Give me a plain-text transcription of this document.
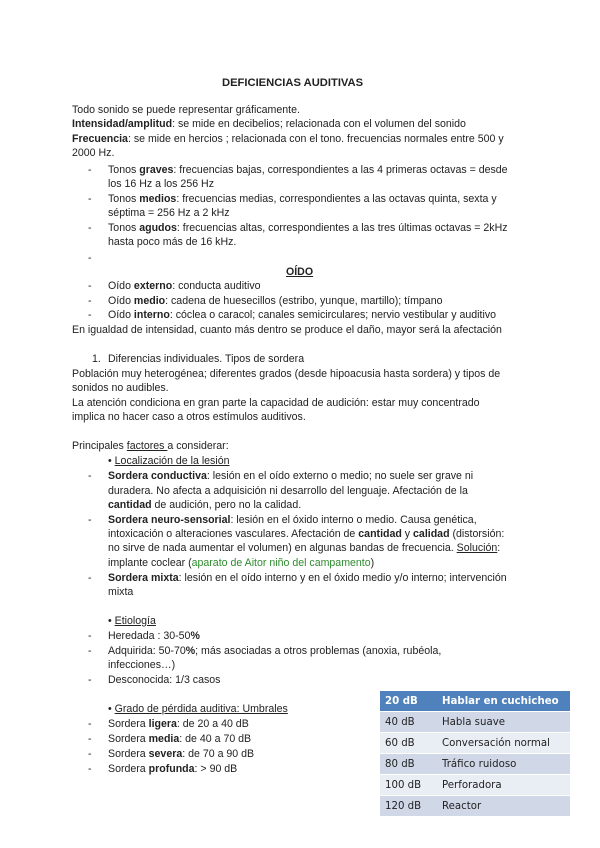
DEFICIENCIAS AUDITIVAS
Todo sonido se puede representar gráficamente.
Intensidad/amplitud: se mide en decibelios; relacionada con el volumen del sonido
Frecuencia: se mide en hercios ; relacionada con el tono. frecuencias normales entre 500 y
2000 Hz.
- Tonos graves: frecuencias bajas, correspondientes a las 4 primeras octavas = desde
los 16 Hz a los 256 Hz
- Tonos medios: frecuencias medias, correspondientes a las octavas quinta, sexta y
séptima = 256 Hz a 2 kHz
- Tonos agudos: frecuencias altas, correspondientes a las tres últimas octavas = 2kHz
hasta poco más de 16 kHz.
OÍDO
- Oído externo: conducta auditivo
- Oído medio: cadena de huesecillos (estribo, yunque, martillo); tímpano
- Oído interno: cóclea o caracol; canales semicirculares; nervio vestibular y auditivo
En igualdad de intensidad, cuanto más dentro se produce el daño, mayor será la afectación
1. Diferencias individuales. Tipos de sordera
Población muy heterogénea; diferentes grados (desde hipoacusia hasta sordera) y tipos de
sonidos no audibles.
La atención condiciona en gran parte la capacidad de audición: estar muy concentrado
implica no hacer caso a otros estímulos auditivos.
Principales factores a considerar:
• Localización de la lesión
- Sordera conductiva: lesión en el oído externo o medio; no suele ser grave ni
duradera. No afecta a adquisición ni desarrollo del lenguaje. Afectación de la
cantidad de audición, pero no la calidad.
- Sordera neuro-sensorial: lesión en el óxido interno o medio. Causa genética,
intoxicación o alteraciones vasculares. Afectación de cantidad y calidad (distorsión:
no sirve de nada aumentar el volumen) en algunas bandas de frecuencia. Solución:
implante coclear (aparato de Aitor niño del campamento)
- Sordera mixta: lesión en el oído interno y en el óxido medio y/o interno; intervención
mixta
• Etiología
- Heredada : 30-50%
- Adquirida: 50-70%; más asociadas a otros problemas (anoxia, rubéola,
infecciones…)
- Desconocida: 1/3 casos
• Grado de pérdida auditiva: Umbrales
- Sordera ligera: de 20 a 40 dB
- Sordera media: de 40 a 70 dB
- Sordera severa: de 70 a 90 dB
- Sordera profunda: > 90 dB
20 dB	Hablar en cuchicheo
40 dB	Habla suave
60 dB	Conversación normal
80 dB	Tráfico ruidoso
100 dB	Perforadora
120 dB	Reactor
